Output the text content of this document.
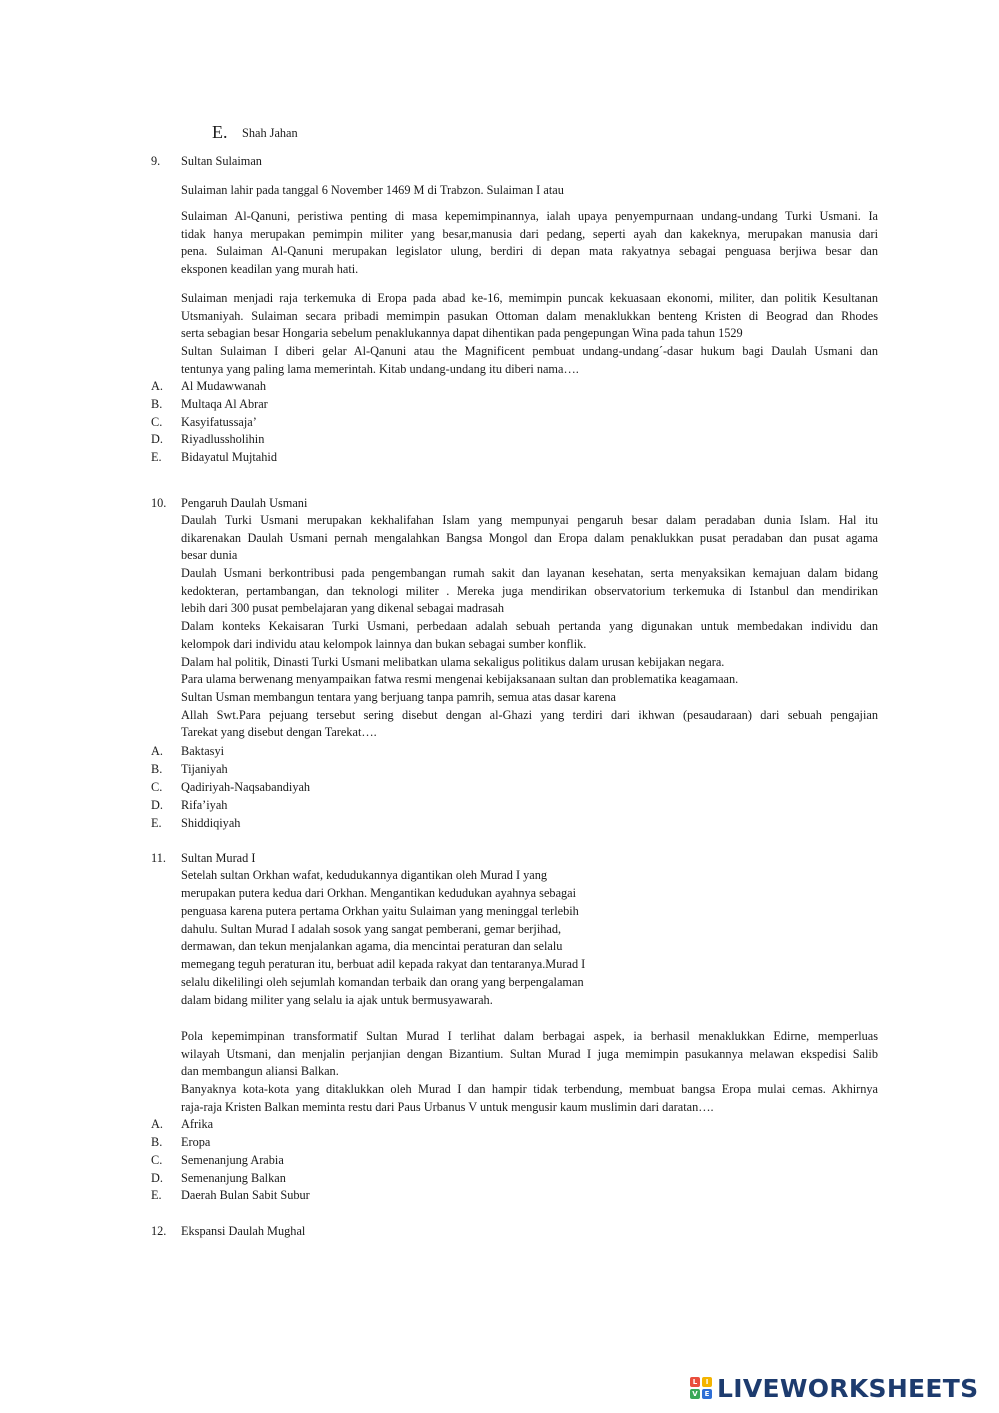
E. Shah Jahan
9. Sultan Sulaiman
Sulaiman lahir pada tanggal 6 November 1469 M di Trabzon. Sulaiman I atau
Sulaiman Al-Qanuni, peristiwa penting di masa kepemimpinannya, ialah upaya penyempurnaan undang-undang Turki Usmani. Ia
tidak hanya merupakan pemimpin militer yang besar,manusia dari pedang, seperti ayah dan kakeknya, merupakan manusia dari
pena. Sulaiman Al-Qanuni merupakan legislator ulung, berdiri di depan mata rakyatnya sebagai penguasa berjiwa besar dan
eksponen keadilan yang murah hati.
Sulaiman menjadi raja terkemuka di Eropa pada abad ke-16, memimpin puncak kekuasaan ekonomi, militer, dan politik Kesultanan
Utsmaniyah. Sulaiman secara pribadi memimpin pasukan Ottoman dalam menaklukkan benteng Kristen di Beograd dan Rhodes
serta sebagian besar Hongaria sebelum penaklukannya dapat dihentikan pada pengepungan Wina pada tahun 1529
Sultan Sulaiman I diberi gelar Al-Qanuni atau the Magnificent pembuat undang-undang´-dasar hukum bagi Daulah Usmani dan
tentunya yang paling lama memerintah. Kitab undang-undang itu diberi nama….
A. Al Mudawwanah
B. Multaqa Al Abrar
C. Kasyifatussaja’
D. Riyadlussholihin
E. Bidayatul Mujtahid
10. Pengaruh Daulah Usmani
Daulah Turki Usmani merupakan kekhalifahan Islam yang mempunyai pengaruh besar dalam peradaban dunia Islam. Hal itu
dikarenakan Daulah Usmani pernah mengalahkan Bangsa Mongol dan Eropa dalam penaklukkan pusat peradaban dan pusat agama
besar dunia
Daulah Usmani berkontribusi pada pengembangan rumah sakit dan layanan kesehatan, serta menyaksikan kemajuan dalam bidang
kedokteran, pertambangan, dan teknologi militer . Mereka juga mendirikan observatorium terkemuka di Istanbul dan mendirikan
lebih dari 300 pusat pembelajaran yang dikenal sebagai madrasah
Dalam konteks Kekaisaran Turki Usmani, perbedaan adalah sebuah pertanda yang digunakan untuk membedakan individu dan
kelompok dari individu atau kelompok lainnya dan bukan sebagai sumber konflik.
Dalam hal politik, Dinasti Turki Usmani melibatkan ulama sekaligus politikus dalam urusan kebijakan negara.
Para ulama berwenang menyampaikan fatwa resmi mengenai kebijaksanaan sultan dan problematika keagamaan.
Sultan Usman membangun tentara yang berjuang tanpa pamrih, semua atas dasar karena
Allah Swt.Para pejuang tersebut sering disebut dengan al-Ghazi yang terdiri dari ikhwan (pesaudaraan) dari sebuah pengajian
Tarekat yang disebut dengan Tarekat….
A. Baktasyi
B. Tijaniyah
C. Qadiriyah-Naqsabandiyah
D. Rifa’iyah
E. Shiddiqiyah
11. Sultan Murad I
Setelah sultan Orkhan wafat, kedudukannya digantikan oleh Murad I yang
merupakan putera kedua dari Orkhan. Mengantikan kedudukan ayahnya sebagai
penguasa karena putera pertama Orkhan yaitu Sulaiman yang meninggal terlebih
dahulu. Sultan Murad I adalah sosok yang sangat pemberani, gemar berjihad,
dermawan, dan tekun menjalankan agama, dia mencintai peraturan dan selalu
memegang teguh peraturan itu, berbuat adil kepada rakyat dan tentaranya.Murad I
selalu dikelilingi oleh sejumlah komandan terbaik dan orang yang berpengalaman
dalam bidang militer yang selalu ia ajak untuk bermusyawarah.
Pola kepemimpinan transformatif Sultan Murad I terlihat dalam berbagai aspek, ia berhasil menaklukkan Edirne, memperluas
wilayah Utsmani, dan menjalin perjanjian dengan Bizantium. Sultan Murad I juga memimpin pasukannya melawan ekspedisi Salib
dan membangun aliansi Balkan.
Banyaknya kota-kota yang ditaklukkan oleh Murad I dan hampir tidak terbendung, membuat bangsa Eropa mulai cemas. Akhirnya
raja-raja Kristen Balkan meminta restu dari Paus Urbanus V untuk mengusir kaum muslimin dari daratan….
A. Afrika
B. Eropa
C. Semenanjung Arabia
D. Semenanjung Balkan
E. Daerah Bulan Sabit Subur
12. Ekspansi Daulah Mughal
L	I
V E LIVEWORKSHEETS
